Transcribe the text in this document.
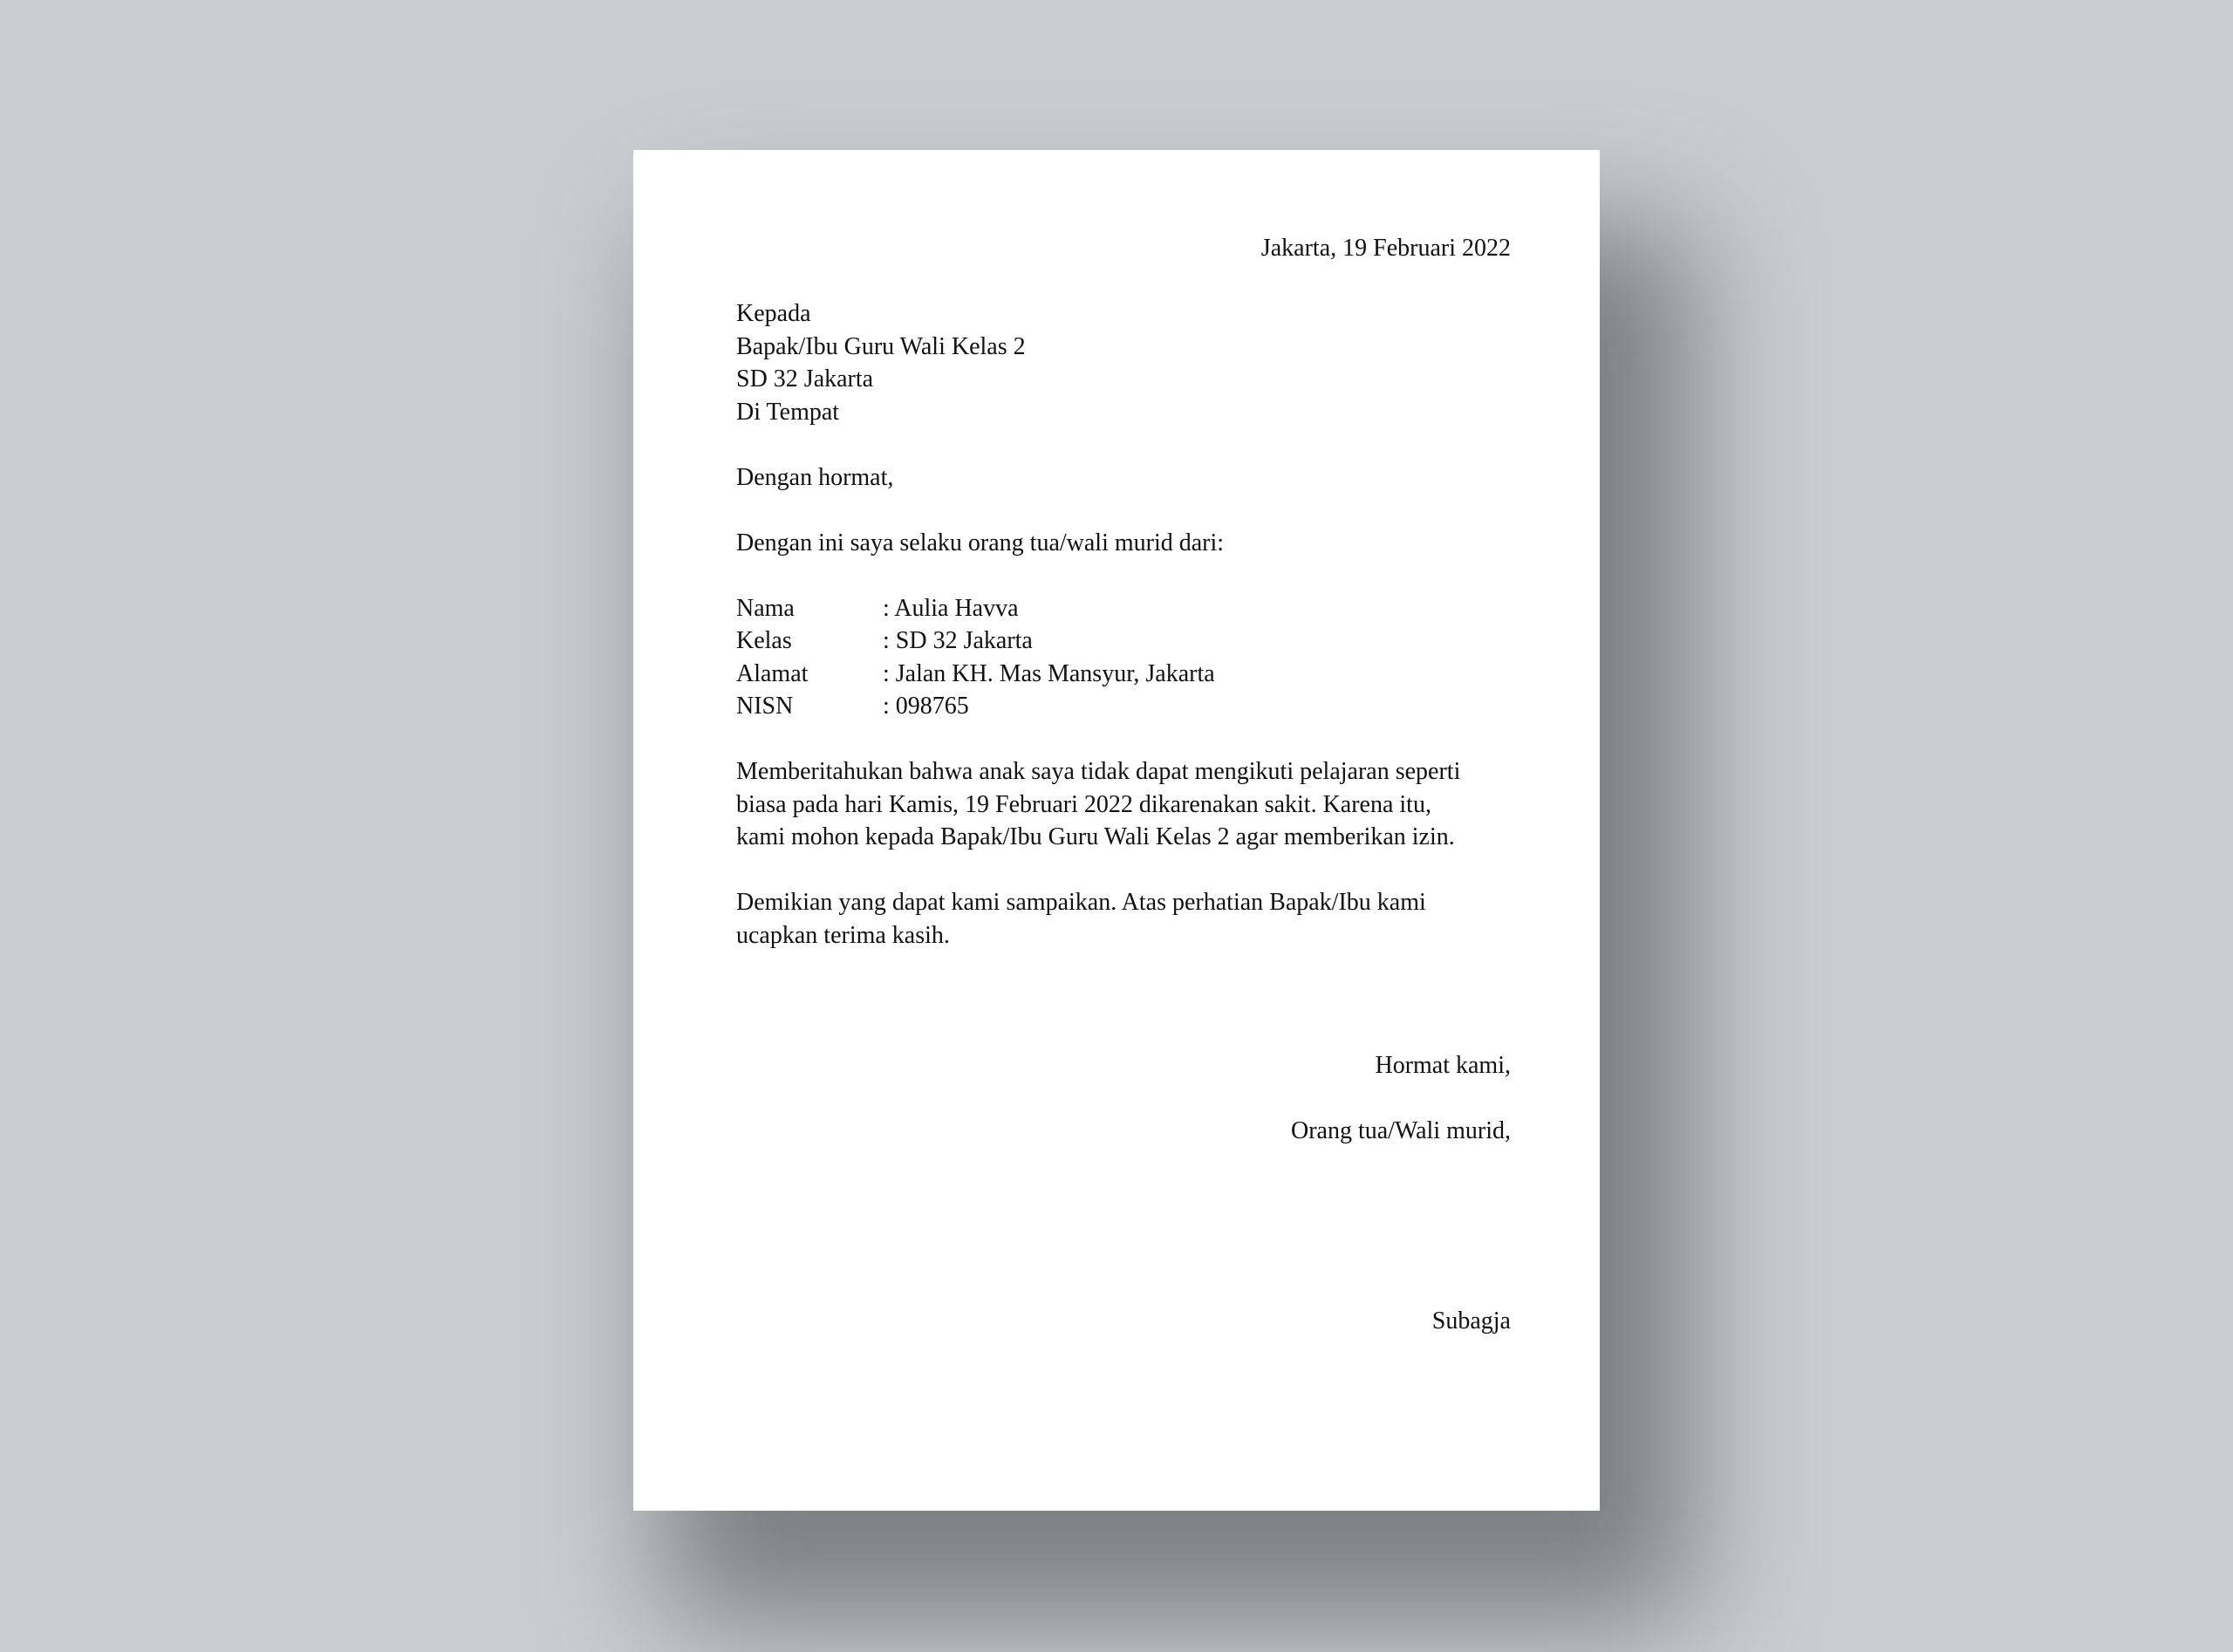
Jakarta, 19 Februari 2022
Kepada
Bapak/Ibu Guru Wali Kelas 2
SD 32 Jakarta
Di Tempat
Dengan hormat,
Dengan ini saya selaku orang tua/wali murid dari:
Nama	: Aulia Havva
Kelas	: SD 32 Jakarta
Alamat	: Jalan KH. Mas Mansyur, Jakarta
NISN	: 098765
Memberitahukan bahwa anak saya tidak dapat mengikuti pelajaran seperti
biasa pada hari Kamis, 19 Februari 2022 dikarenakan sakit. Karena itu,
kami mohon kepada Bapak/Ibu Guru Wali Kelas 2 agar memberikan izin.
Demikian yang dapat kami sampaikan. Atas perhatian Bapak/Ibu kami
ucapkan terima kasih.
Hormat kami,
Orang tua/Wali murid,
Subagja
